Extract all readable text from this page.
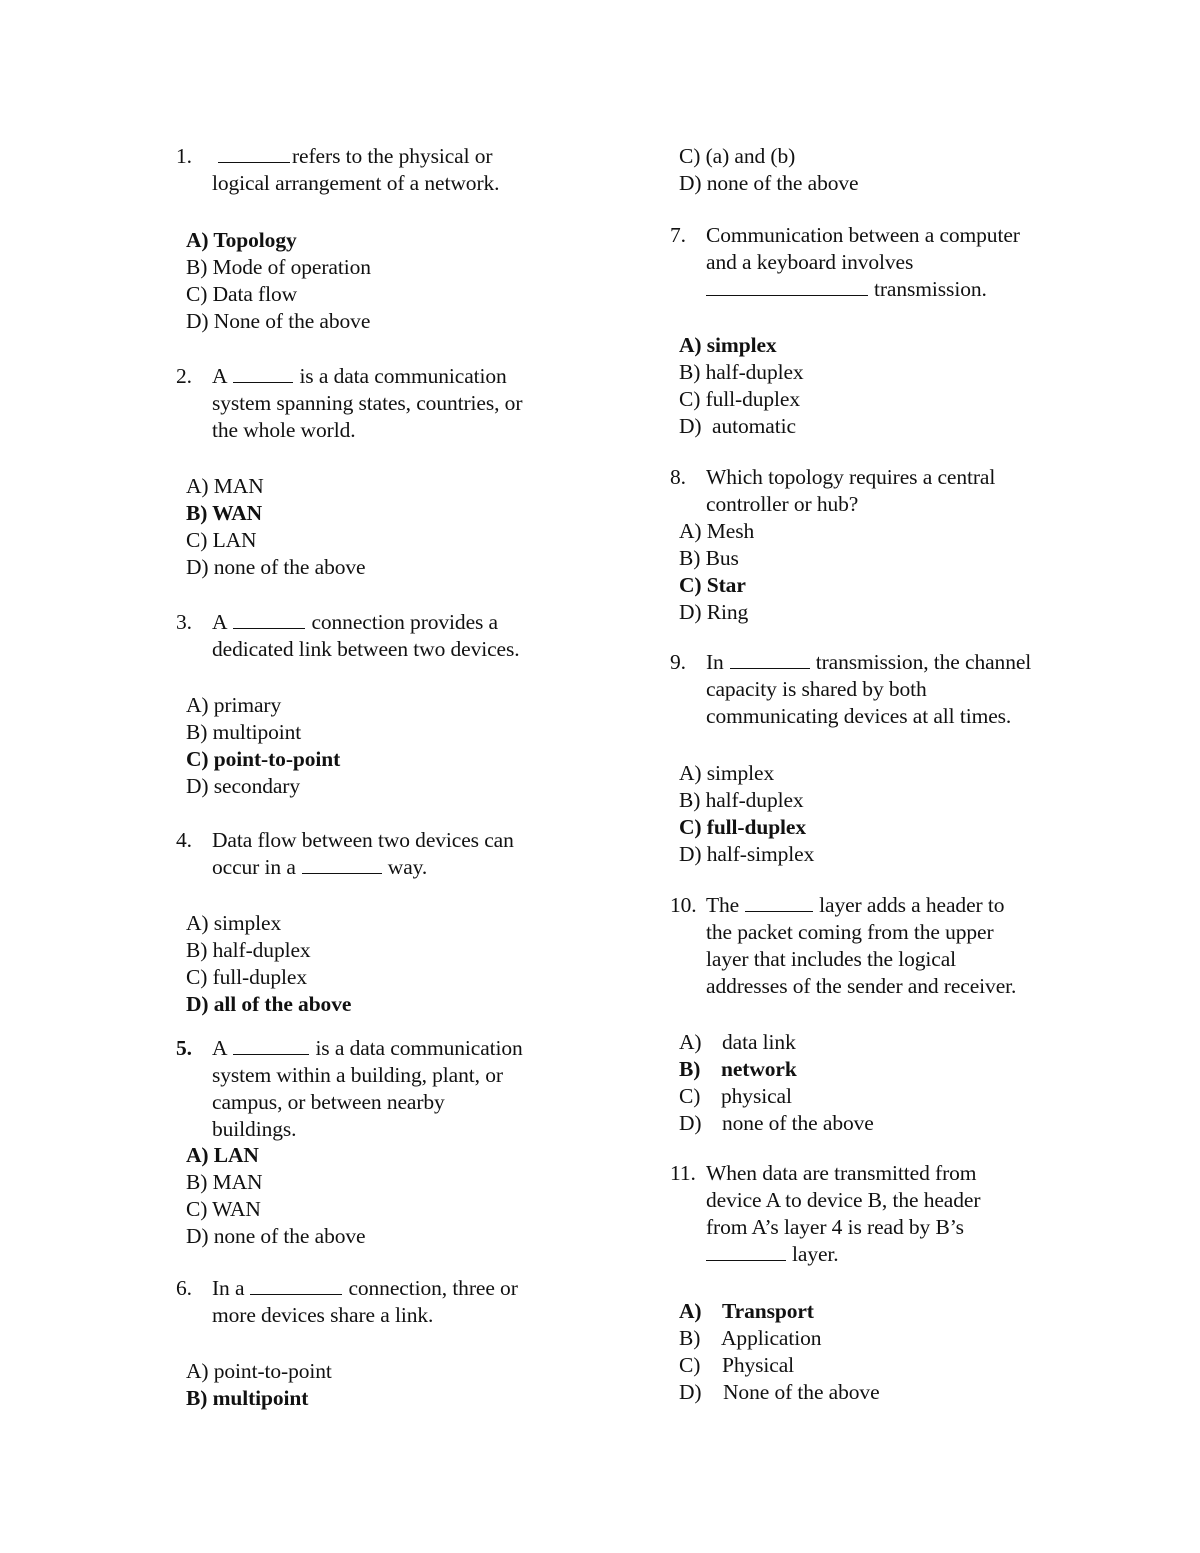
1.	refers to the physical or
logical arrangement of a network.
A) Topology
B) Mode of operation
C) Data flow
D) None of the above
2. A	is a data communication
system spanning states, countries, or
the whole world.
A) MAN
B) WAN
C) LAN
D) none of the above
3. A	connection provides a
dedicated link between two devices.
A) primary
B) multipoint
C) point-to-point
D) secondary
4. Data flow between two devices can
occur in a	way.
A) simplex
B) half-duplex
C) full-duplex
D) all of the above
5. A	is a data communication
system within a building, plant, or
campus, or between nearby
buildings.
A) LAN
B) MAN
C) WAN
D) none of the above
6. In a	connection, three or
more devices share a link.
A) point-to-point
B) multipoint
C) (a) and (b)
D) none of the above
7. Communication between a computer
and a keyboard involves
transmission.
A) simplex
B) half-duplex
C) full-duplex
D)  automatic
8. Which topology requires a central
controller or hub?
A) Mesh
B) Bus
C) Star
D) Ring
9. In	transmission, the channel
capacity is shared by both
communicating devices at all times.
A) simplex
B) half-duplex
C) full-duplex
D) half-simplex
10. The	layer adds a header to
the packet coming from the upper
layer that includes the logical
addresses of the sender and receiver.
A) data link
B) network
C) physical
D) none of the above
11. When data are transmitted from
device A to device B, the header
from A’s layer 4 is read by B’s
layer.
A) Transport
B) Application
C) Physical
D) None of the above
